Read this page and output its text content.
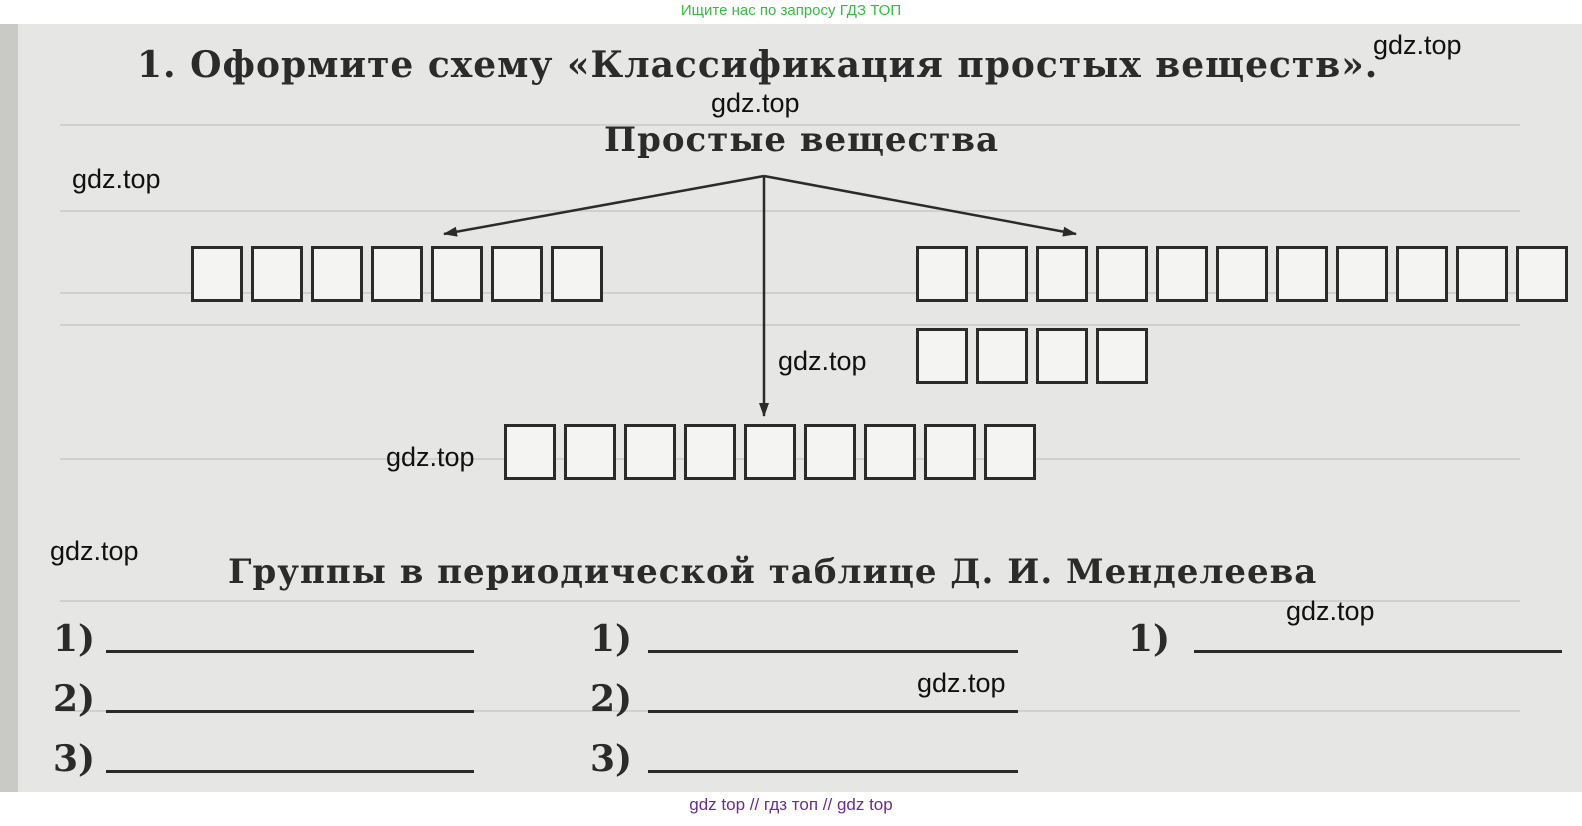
Ищите нас по запросу ГДЗ ТОП
1. Оформите схему «Классификация простых веществ».
Простые вещества
Группы в периодической таблице Д. И. Менделеева
1)
2)
3)
1)
2)
3)
1)
gdz.top
gdz.top
gdz.top
gdz.top
gdz.top
gdz.top
gdz.top
gdz.top
gdz top // гдз топ // gdz top
